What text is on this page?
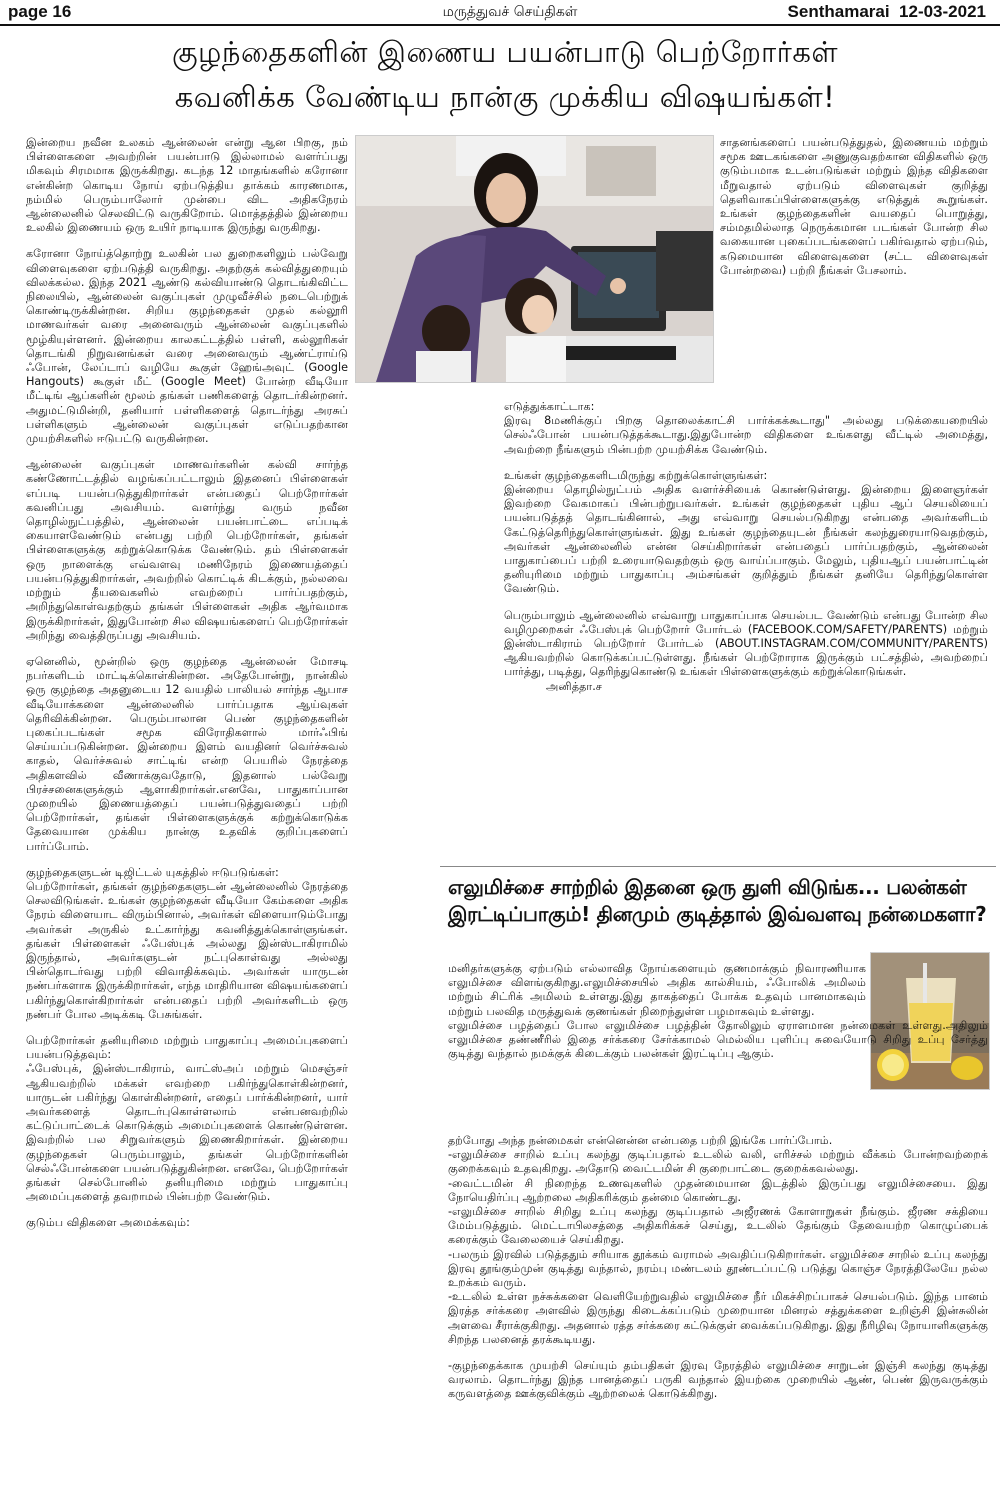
page 16	மருத்துவச் செய்திகள்	Senthamarai 12-03-2021
குழந்தைகளின் இணைய பயன்பாடு பெற்றோர்கள்
கவனிக்க வேண்டிய நான்கு முக்கிய விஷயங்கள்!

இன்றைய நவீன உலகம் ஆன்லைன் என்று ஆன பிறகு, நம் பிள்ளைகளை அவற்றின் பயன்பாடு இல்லாமல் வளர்ப்பது மிகவும் சிரமமாக இருக்கிறது. கடந்த 12 மாதங்களில் கரோனா என்கின்ற கொடிய நோய் ஏற்படுத்திய தாக்கம் காரணமாக, நம்மில் பெரும்பாலோர் முன்பை விட அதிகநேரம் ஆன்லைனில் செலவிட்டு வருகிறோம். மொத்தத்தில் இன்றைய உலகில் இணையம் ஒரு உயிர் நாடியாக இருந்து வருகிறது.

கரோனா நோய்த்தொற்று உலகின் பல துறைகளிலும் பல்வேறு விளைவுகளை ஏற்படுத்தி வருகிறது. அதற்குக் கல்வித்துறையும் விலக்கல்ல. இந்த 2021 ஆண்டு கல்வியாண்டு தொடங்கிவிட்ட நிலையில், ஆன்லைன் வகுப்புகள் முழுவீச்சில் நடைபெற்றுக் கொண்டிருக்கின்றன. சிறிய குழந்தைகள் முதல் கல்லூரி மாணவர்கள் வரை அனைவரும் ஆன்லைன் வகுப்புகளில் மூழ்கியுள்ளனர். இன்றைய காலகட்டத்தில் பள்ளி, கல்லூரிகள் தொடங்கி நிறுவனங்கள் வரை அனைவரும் ஆண்ட்ராய்டு ஃபோன், லேப்டாப் வழியே கூகுள் ஹேங்அவுட் (Google Hangouts) கூகுள் மீட் (Google Meet) போன்ற வீடியோ மீட்டிங் ஆப்களின் மூலம் தங்கள் பணிகளைத் தொடர்கின்றனர். அதுமட்டுமின்றி, தனியார் பள்ளிகளைத் தொடர்ந்து அரசுப் பள்ளிகளும் ஆன்லைன் வகுப்புகள் எடுப்பதற்கான முயற்சிகளில் ஈடுபட்டு வருகின்றன.

ஆன்லைன் வகுப்புகள் மாணவர்களின் கல்வி சார்ந்த கண்ணோட்டத்தில் வழங்கப்பட்டாலும் இதனைப் பிள்ளைகள் எப்படி பயன்படுத்துகிறார்கள் என்பதைப் பெற்றோர்கள் கவனிப்பது அவசியம். வளர்ந்து வரும் நவீன தொழில்நுட்பத்தில், ஆன்லைன் பயன்பாட்டை எப்படிக் கையாளவேண்டும் என்பது பற்றி பெற்றோர்கள், தங்கள் பிள்ளைகளுக்கு கற்றுக்கொடுக்க வேண்டும். தம் பிள்ளைகள் ஒரு நாளைக்கு எவ்வளவு மணிநேரம் இணையத்தைப் பயன்படுத்துகிறார்கள், அவற்றில் கொட்டிக் கிடக்கும், நல்லவை மற்றும் தீயவைகளில் எவற்றைப் பார்ப்பதற்கும், அறிந்துகொள்வதற்கும் தங்கள் பிள்ளைகள் அதிக ஆர்வமாக இருக்கிறார்கள், இதுபோன்ற சில விஷயங்களைப் பெற்றோர்கள் அறிந்து வைத்திருப்பது அவசியம்.

ஏனெனில், மூன்றில் ஒரு குழந்தை ஆன்லைன் மோசடி நபர்களிடம் மாட்டிக்கொள்கின்றன. அதேபோன்று, நான்கில் ஒரு குழந்தை அதனுடைய 12 வயதில் பாலியல் சார்ந்த ஆபாச வீடியோக்களை ஆன்லைனில் பார்ப்பதாக ஆய்வுகள் தெரிவிக்கின்றன. பெரும்பாலான பெண் குழந்தைகளின் புகைப்படங்கள் சமூக விரோதிகளால் மார்ஃபிங் செய்யப்படுகின்றன. இன்றைய இளம் வயதினர் வெர்ச்சுவல் காதல், வெர்ச்சுவல் சாட்டிங் என்ற பெயரில் நேரத்தை அதிகளவில் வீணாக்குவதோடு, இதனால் பல்வேறு பிரச்சனைகளுக்கும் ஆளாகிறார்கள்.எனவே, பாதுகாப்பான முறையில் இணையத்தைப் பயன்படுத்துவதைப் பற்றி பெற்றோர்கள், தங்கள் பிள்ளைகளுக்குக் கற்றுக்கொடுக்க தேவையான முக்கிய நான்கு உதவிக் குறிப்புகளைப் பார்ப்போம்.

குழந்தைகளுடன் டிஜிட்டல் யுகத்தில் ஈடுபடுங்கள்:

பெற்றோர்கள், தங்கள் குழந்தைகளுடன் ஆன்லைனில் நேரத்தை செலவிடுங்கள். உங்கள் குழந்தைகள் வீடியோ கேம்களை அதிக நேரம் விளையாட விரும்பினால், அவர்கள் விளையாடும்போது அவர்கள் அருகில் உட்கார்ந்து கவனித்துக்கொள்ளுங்கள். தங்கள் பிள்ளைகள் ஃபேஸ்புக் அல்லது இன்ஸ்டாகிராமில் இருந்தால், அவர்களுடன் நட்புகொள்வது அல்லது பின்தொடர்வது பற்றி விவாதிக்கவும். அவர்கள் யாருடன் நண்பர்களாக இருக்கிறார்கள், எந்த மாதிரியான விஷயங்களைப் பகிர்ந்துகொள்கிறார்கள் என்பதைப் பற்றி அவர்களிடம் ஒரு நண்பர் போல அடிக்கடி பேசுங்கள்.

பெற்றோர்கள் தனியுரிமை மற்றும் பாதுகாப்பு அமைப்புகளைப் பயன்படுத்தவும்:

ஃபேஸ்புக், இன்ஸ்டாகிராம், வாட்ஸ்அப் மற்றும் மெசஞ்சர் ஆகியவற்றில் மக்கள் எவற்றை பகிர்ந்துகொள்கின்றனர், யாருடன் பகிர்ந்து கொள்கின்றனர், எதைப் பார்க்கின்றனர், யார் அவர்களைத் தொடர்புகொள்ளலாம் என்பனவற்றில் கட்டுப்பாட்டைக் கொடுக்கும் அமைப்புகளைக் கொண்டுள்ளன. இவற்றில் பல சிறுவர்களும் இணைகிறார்கள். இன்றைய குழந்தைகள் பெரும்பாலும், தங்கள் பெற்றோர்களின் செல்ஃபோன்களை பயன்படுத்துகின்றன. எனவே, பெற்றோர்கள் தங்கள் செல்போனில் தனியுரிமை மற்றும் பாதுகாப்பு அமைப்புகளைத் தவறாமல் பின்பற்ற வேண்டும்.

குடும்ப விதிகளை அமைக்கவும்:

சாதனங்களைப் பயன்படுத்துதல், இணையம் மற்றும் சமூக ஊடகங்களை அணுகுவதற்கான விதிகளில் ஒரு குடும்பமாக உடன்படுங்கள் மற்றும் இந்த விதிகளை மீறுவதால் ஏற்படும் விளைவுகள் குறித்து தெளிவாகப்பிள்ளைகளுக்கு எடுத்துக் கூறுங்கள். உங்கள் குழந்தைகளின் வயதைப் பொறுத்து, சம்மதமில்லாத நெருக்கமான படங்கள் போன்ற சில வகையான புகைப்படங்களைப் பகிர்வதால் ஏற்படும், கடுமையான விளைவுகளை (சட்ட விளைவுகள் போன்றவை) பற்றி நீங்கள் பேசலாம்.

எடுத்துக்காட்டாக:

இரவு 8மணிக்குப் பிறகு தொலைக்காட்சி பார்க்கக்கூடாது" அல்லது படுக்கையறையில் செல்ஃபோன் பயன்படுத்தக்கூடாது.இதுபோன்ற விதிகளை உங்களது வீட்டில் அமைத்து, அவற்றை நீங்களும் பின்பற்ற முயற்சிக்க வேண்டும்.

உங்கள் குழந்தைகளிடமிருந்து கற்றுக்கொள்ளுங்கள்:

இன்றைய தொழில்நுட்பம் அதிக வளர்ச்சியைக் கொண்டுள்ளது. இன்றைய இளைஞர்கள் இவற்றை வேகமாகப் பின்பற்றுபவர்கள். உங்கள் குழந்தைகள் புதிய ஆப் செயலியைப் பயன்படுத்தத் தொடங்கினால், அது எவ்வாறு செயல்படுகிறது என்பதை அவர்களிடம் கேட்டுத்தெரிந்துகொள்ளுங்கள். இது உங்கள் குழந்தையுடன் நீங்கள் கலந்துரையாடுவதற்கும், அவர்கள் ஆன்லைனில் என்ன செய்கிறார்கள் என்பதைப் பார்ப்பதற்கும், ஆன்லைன் பாதுகாப்பைப் பற்றி உரையாடுவதற்கும் ஒரு வாய்ப்பாகும். மேலும், புதியஆப் பயன்பாட்டின் தனியுரிமை மற்றும் பாதுகாப்பு அம்சங்கள் குறித்தும் நீங்கள் தனியே தெரிந்துகொள்ள வேண்டும்.

பெரும்பாலும் ஆன்லைனில் எவ்வாறு பாதுகாப்பாக செயல்பட வேண்டும் என்பது போன்ற சில வழிமுறைகள் ஃபேஸ்புக் பெற்றோர் போர்டல் (FACEBOOK.COM/SAFETY/PARENTS) மற்றும் இன்ஸ்டாகிராம் பெற்றோர் போர்டல் (ABOUT.INSTAGRAM.COM/COMMUNITY/PARENTS) ஆகியவற்றில் கொடுக்கப்பட்டுள்ளது. நீங்கள் பெற்றோராக இருக்கும் பட்சத்தில், அவற்றைப் பார்த்து, படித்து, தெரிந்துகொண்டு உங்கள் பிள்ளைகளுக்கும் கற்றுக்கொடுங்கள்.

அனித்தா.ச

எலுமிச்சை சாற்றில் இதனை ஒரு துளி விடுங்க... பலன்கள் இரட்டிப்பாகும்! தினமும் குடித்தால் இவ்வளவு நன்மைகளா?

மனிதர்களுக்கு ஏற்படும் எல்லாவித நோய்களையும் குணமாக்கும் நிவாரணியாக எலுமிச்சை விளங்குகிறது.எலுமிச்சையில் அதிக கால்சியம், ஃபோலிக் அமிலம் மற்றும் சிட்ரிக் அமிலம் உள்ளது.இது தாகத்தைப் போக்க உதவும் பானமாகவும் மற்றும் பலவித மருத்துவக் குணங்கள் நிறைந்துள்ள பழமாகவும் உள்ளது.

எலுமிச்சை பழத்தைப் போல எலுமிச்சை பழத்தின் தோலிலும் ஏராளமான நன்மைகள் உள்ளது.அதிலும் எலுமிச்சை தண்ணீரில் இதை சர்க்கரை சேர்க்காமல் மெல்லிய புளிப்பு சுவையோடு சிறிது உப்பு சேர்த்து குடித்து வந்தால் நமக்குக் கிடைக்கும் பலன்கள் இரட்டிப்பு ஆகும்.

தற்போது அந்த நன்மைகள் என்னென்ன என்பதை பற்றி இங்கே பார்ப்போம்.
-எலுமிச்சை சாறில் உப்பு கலந்து குடிப்பதால் உடலில் வலி, எரிச்சல் மற்றும் வீக்கம் போன்றவற்றைக் குறைக்கவும் உதவுகிறது. அதோடு வைட்டமின் சி குறைபாட்டை குறைக்கவல்லது.
-வைட்டமின் சி நிறைந்த உணவுகளில் முதன்மையான இடத்தில் இருப்பது எலுமிச்சையை. இது நோயெதிர்ப்பு ஆற்றலை அதிகரிக்கும் தன்மை கொண்டது.
-எலுமிச்சை சாறில் சிறிது உப்பு கலந்து குடிப்பதால் அஜீரணக் கோளாறுகள் நீங்கும். ஜீரண சக்தியை மேம்படுத்தும். மெட்டாபிலசத்தை அதிகரிக்கச் செய்து, உடலில் தேங்கும் தேவையற்ற கொழுப்பைக் கரைக்கும் வேலையைச் செய்கிறது.
-பலரும் இரவில் படுத்ததும் சரியாக தூக்கம் வராமல் அவதிப்படுகிறார்கள். எலுமிச்சை சாறில் உப்பு கலந்து இரவு தூங்கும்முன் குடித்து வந்தால், நரம்பு மண்டலம் தூண்டப்பட்டு படுத்து கொஞ்ச நேரத்திலேயே நல்ல உறக்கம் வரும்.
-உடலில் உள்ள நச்சுக்களை வெளியேற்றுவதில் எலுமிச்சை நீர் மிகச்சிறப்பாகச் செயல்படும். இந்த பானம் இரத்த சர்க்கரை அளவில் இருந்து கிடைக்கப்படும் முறையான மினரல் சத்துக்களை உறிஞ்சி இன்சுலின் அளவை சீராக்குகிறது. அதனால் ரத்த சர்க்கரை கட்டுக்குள் வைக்கப்படுகிறது. இது நீரிழிவு நோயாளிகளுக்கு சிறந்த பலனைத் தரக்கூடியது.

-குழந்தைக்காக முயற்சி செய்யும் தம்பதிகள் இரவு நேரத்தில் எலுமிச்சை சாறுடன் இஞ்சி கலந்து குடித்து வரலாம். தொடர்ந்து இந்த பானத்தைப் பருகி வந்தால் இயற்கை முறையில் ஆண், பெண் இருவருக்கும் கருவளத்தை ஊக்குவிக்கும் ஆற்றலைக் கொடுக்கிறது.
